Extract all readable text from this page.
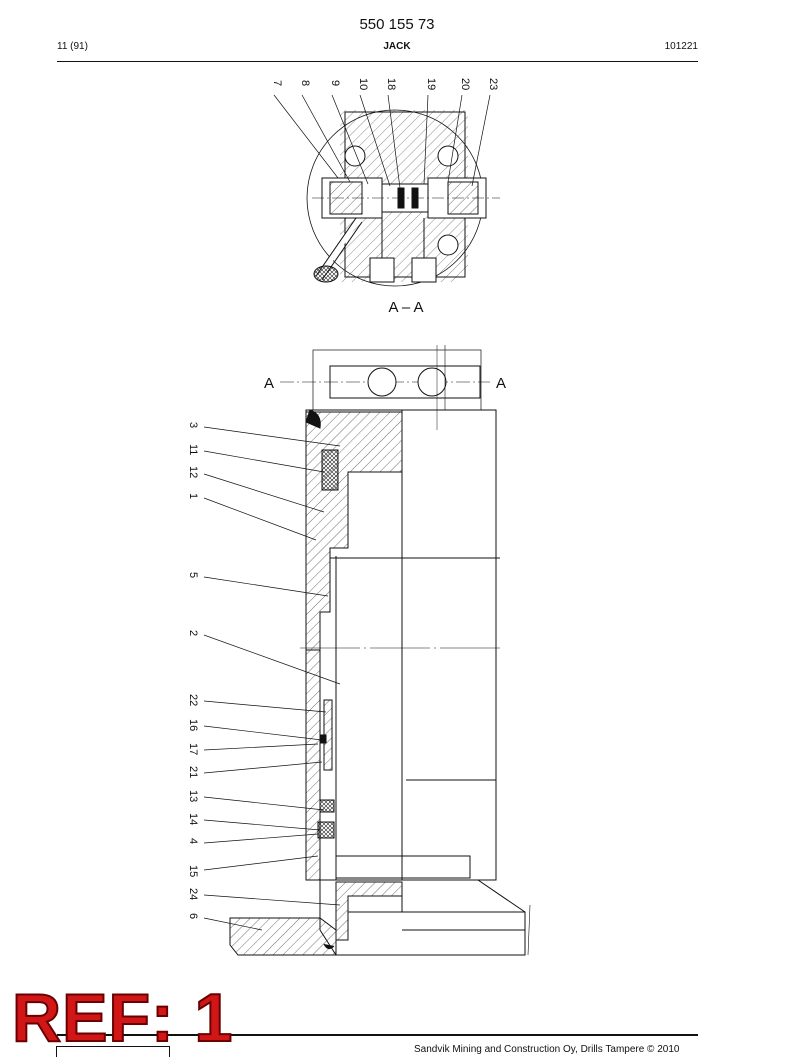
550 155 73
11 (91)	JACK	101221
7 8 9 10 18	19 20 23
A – A
3
11
12
1
5
2
22
16
17
21
13
14
4
15
24
6
A	A
Sandvik Mining and Construction Oy, Drills Tampere © 2010
REF: 1
